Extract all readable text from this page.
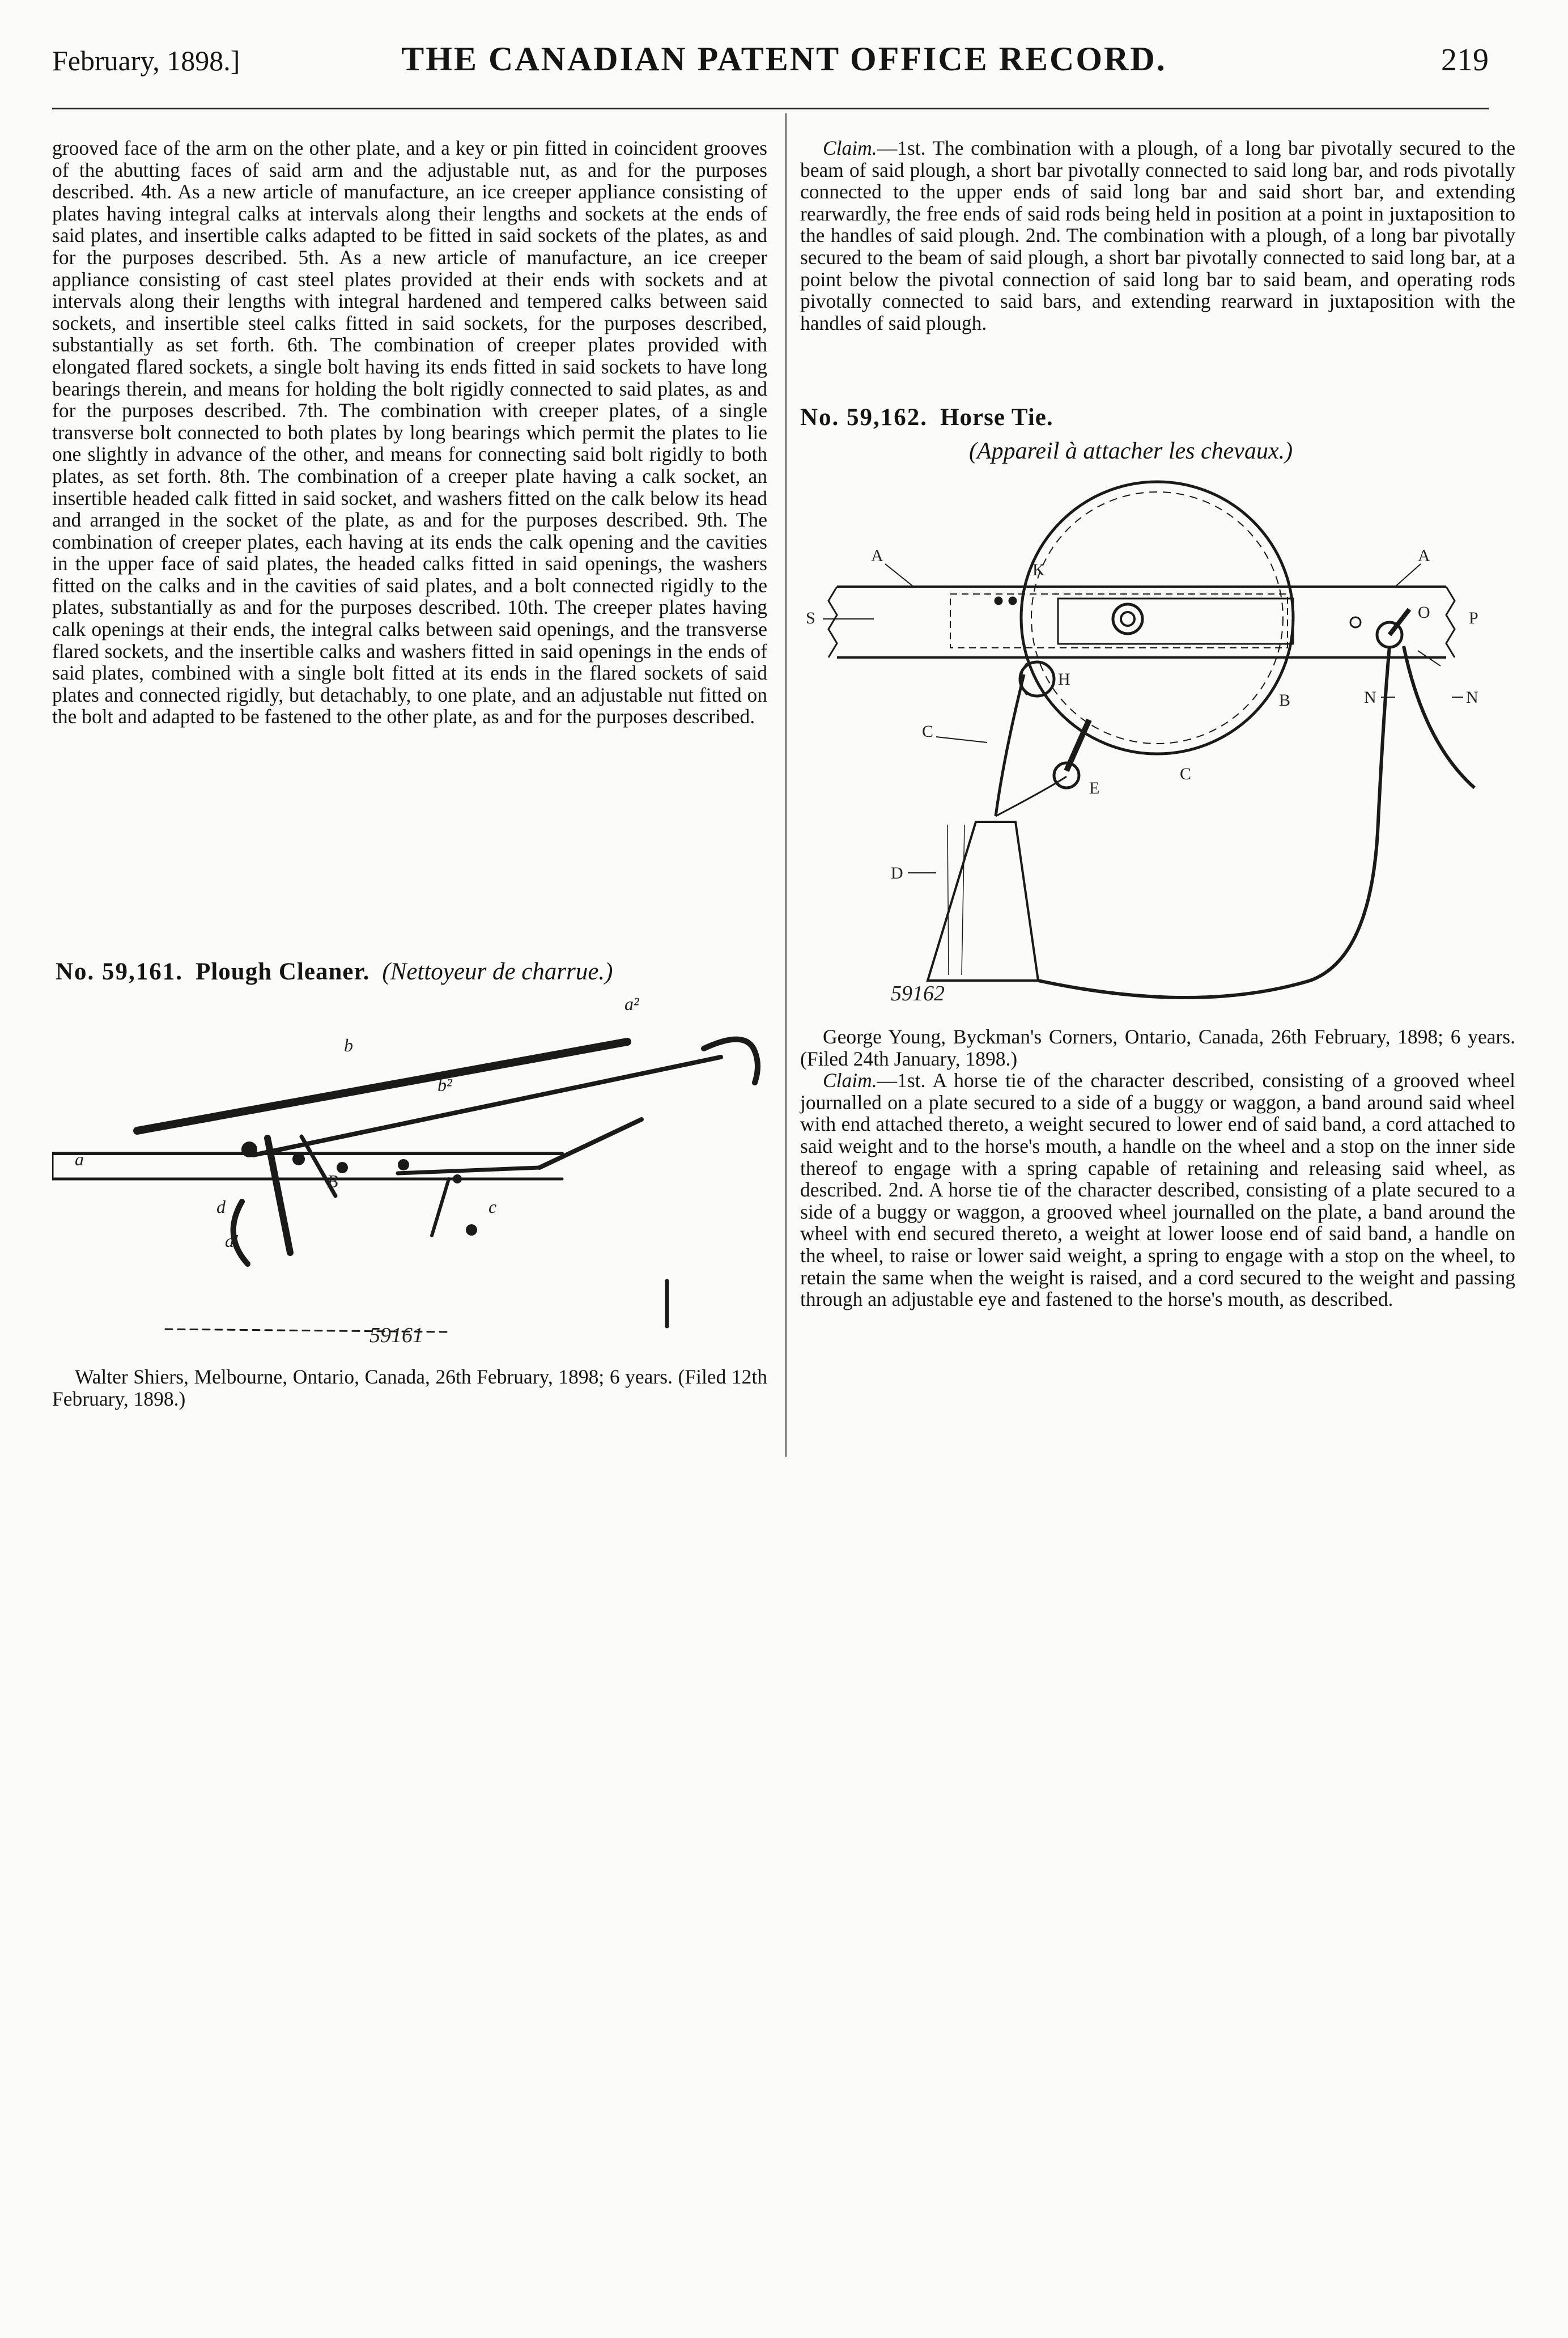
February, 1898.]	THE CANADIAN PATENT OFFICE RECORD.	219

grooved face of the arm on the other plate, and a key or pin fitted in coincident grooves of the abutting faces of said arm and the adjustable nut, as and for the purposes described. 4th. As a new article of manufacture, an ice creeper appliance consisting of plates having integral calks at intervals along their lengths and sockets at the ends of said plates, and insertible calks adapted to be fitted in said sockets of the plates, as and for the purposes described. 5th. As a new article of manufacture, an ice creeper appliance consisting of cast steel plates provided at their ends with sockets and at intervals along their lengths with integral hardened and tempered calks between said sockets, and insertible steel calks fitted in said sockets, for the purposes described, substantially as set forth. 6th. The combination of creeper plates provided with elongated flared sockets, a single bolt having its ends fitted in said sockets to have long bearings therein, and means for holding the bolt rigidly connected to said plates, as and for the purposes described. 7th. The combination with creeper plates, of a single transverse bolt connected to both plates by long bearings which permit the plates to lie one slightly in advance of the other, and means for connecting said bolt rigidly to both plates, as set forth. 8th. The combination of a creeper plate having a calk socket, an insertible headed calk fitted in said socket, and washers fitted on the calk below its head and arranged in the socket of the plate, as and for the purposes described. 9th. The combination of creeper plates, each having at its ends the calk opening and the cavities in the upper face of said plates, the headed calks fitted in said openings, the washers fitted on the calks and in the cavities of said plates, and a bolt connected rigidly to the plates, substantially as and for the purposes described. 10th. The creeper plates having calk openings at their ends, the integral calks between said openings, and the transverse flared sockets, and the insertible calks and washers fitted in said openings in the ends of said plates, combined with a single bolt fitted at its ends in the flared sockets of said plates and connected rigidly, but detachably, to one plate, and an adjustable nut fitted on the bolt and adapted to be fastened to the other plate, as and for the purposes described.

No. 59,161. Plough Cleaner. (Nettoyeur de charrue.)
a
a²
b
b²
B
d
d'
c
59161

Walter Shiers, Melbourne, Ontario, Canada, 26th February, 1898; 6 years. (Filed 12th February, 1898.)

Claim.—1st. The combination with a plough, of a long bar pivotally secured to the beam of said plough, a short bar pivotally connected to said long bar, and rods pivotally connected to the upper ends of said long bar and said short bar, and extending rearwardly, the free ends of said rods being held in position at a point in juxtaposition to the handles of said plough. 2nd. The combination with a plough, of a long bar pivotally secured to the beam of said plough, a short bar pivotally connected to said long bar, at a point below the pivotal connection of said long bar to said beam, and operating rods pivotally connected to said bars, and extending rearward in juxtaposition with the handles of said plough.

No. 59,162. Horse Tie.
(Appareil à attacher les chevaux.)
A	A
K
S	O P
H
B	N	N
C
C
E
D
59162

George Young, Byckman's Corners, Ontario, Canada, 26th February, 1898; 6 years. (Filed 24th January, 1898.)

Claim.—1st. A horse tie of the character described, consisting of a grooved wheel journalled on a plate secured to a side of a buggy or waggon, a band around said wheel with end attached thereto, a weight secured to lower end of said band, a cord attached to said weight and to the horse's mouth, a handle on the wheel and a stop on the inner side thereof to engage with a spring capable of retaining and releasing said wheel, as described. 2nd. A horse tie of the character described, consisting of a plate secured to a side of a buggy or waggon, a grooved wheel journalled on the plate, a band around the wheel with end secured thereto, a weight at lower loose end of said band, a handle on the wheel, to raise or lower said weight, a spring to engage with a stop on the wheel, to retain the same when the weight is raised, and a cord secured to the weight and passing through an adjustable eye and fastened to the horse's mouth, as described.
